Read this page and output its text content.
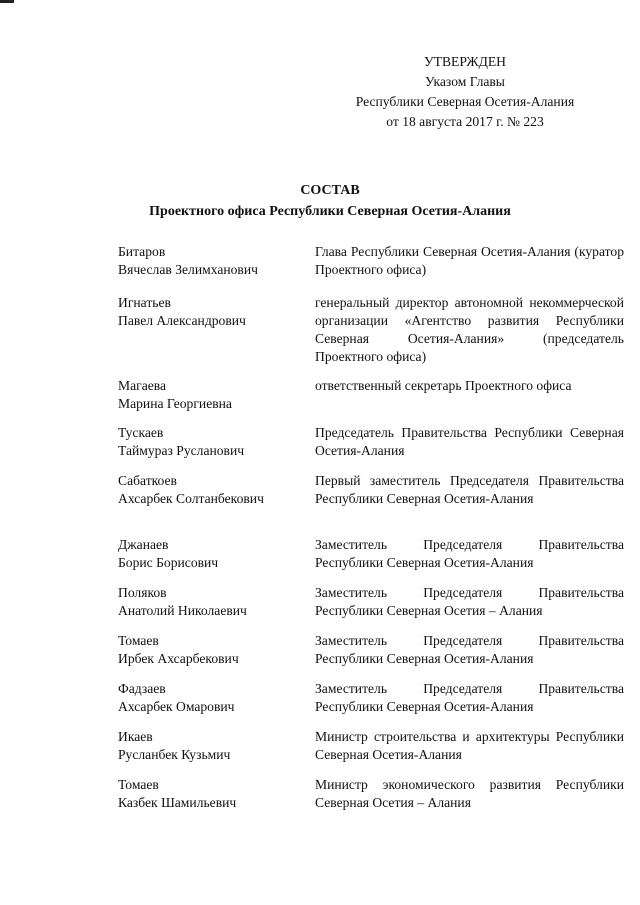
УТВЕРЖДЕН
Указом Главы
Республики Северная Осетия-Алания
от 18 августа 2017 г. № 223
СОСТАВ
Проектного офиса Республики Северная Осетия-Алания
Битаров
Вячеслав Зелимханович
Глава Республики Северная Осетия-Алания (куратор Проектного офиса)
Игнатьев
Павел Александрович
генеральный директор автономной некоммерческой организации «Агентство развития Республики Северная Осетия-Алания» (председатель Проектного офиса)
Магаева
Марина Георгиевна
ответственный секретарь Проектного офиса
Тускаев
Таймураз Русланович
Председатель Правительства Республики Северная Осетия-Алания
Сабаткоев
Ахсарбек Солтанбекович
Первый заместитель Председателя Правительства Республики Северная Осетия-Алания
Джанаев
Борис Борисович
Заместитель Председателя Правительства Республики Северная Осетия-Алания
Поляков
Анатолий Николаевич
Заместитель Председателя Правительства Республики Северная Осетия – Алания
Томаев
Ирбек Ахсарбекович
Заместитель Председателя Правительства Республики Северная Осетия-Алания
Фадзаев
Ахсарбек Омарович
Заместитель Председателя Правительства Республики Северная Осетия-Алания
Икаев
Русланбек Кузьмич
Министр строительства и архитектуры Республики Северная Осетия-Алания
Томаев
Казбек Шамильевич
Министр экономического развития Республики Северная Осетия – Алания
